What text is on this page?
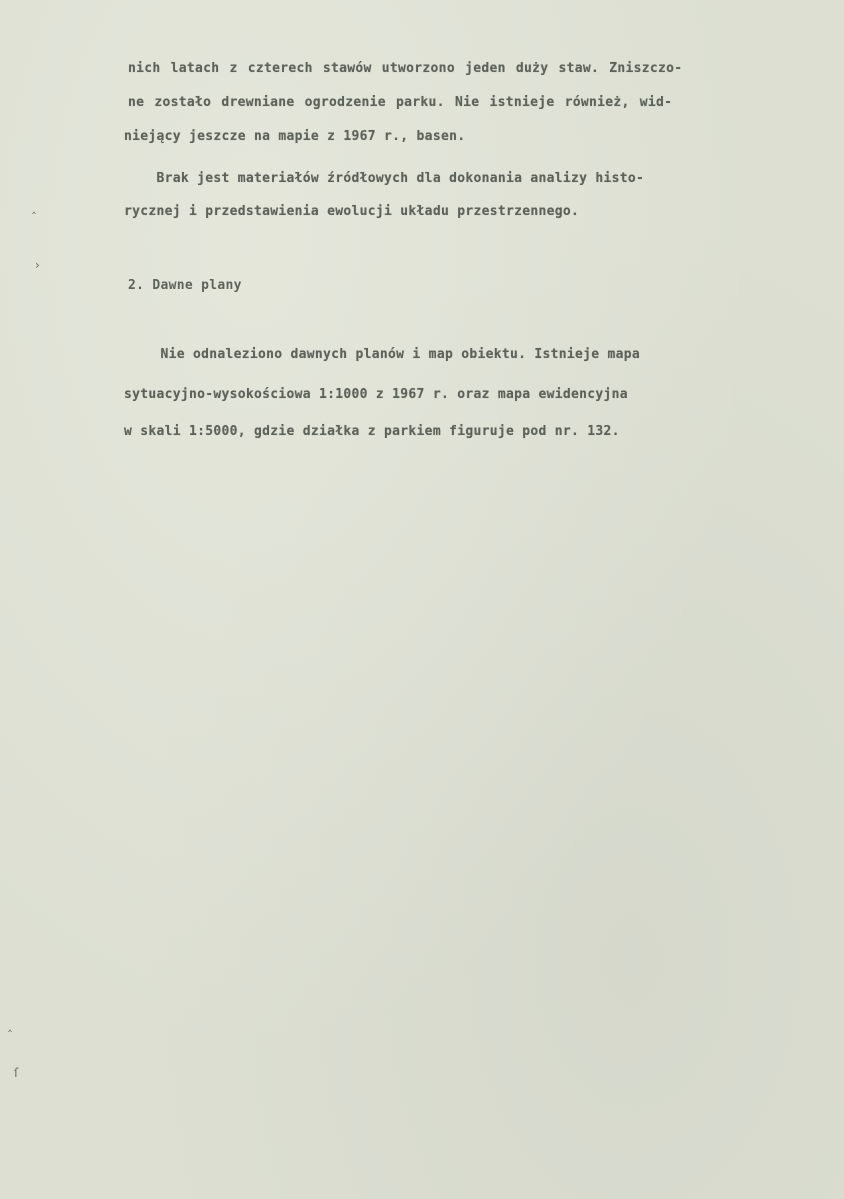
nich latach z czterech stawów utworzono jeden duży staw. Zniszczo-
ne zostało drewniane ogrodzenie parku. Nie istnieje również, wid-
niejący jeszcze na mapie z 1967 r., basen.
Brak jest materiałów źródłowych dla dokonania analizy histo-
rycznej i przedstawienia ewolucji układu przestrzennego.
2. Dawne plany
Nie odnaleziono dawnych planów i map obiektu. Istnieje mapa
sytuacyjno-wysokościowa 1:1000 z 1967 r. oraz mapa ewidencyjna
w skali 1:5000, gdzie działka z parkiem figuruje pod nr. 132.
‸
›
‸
ſ
